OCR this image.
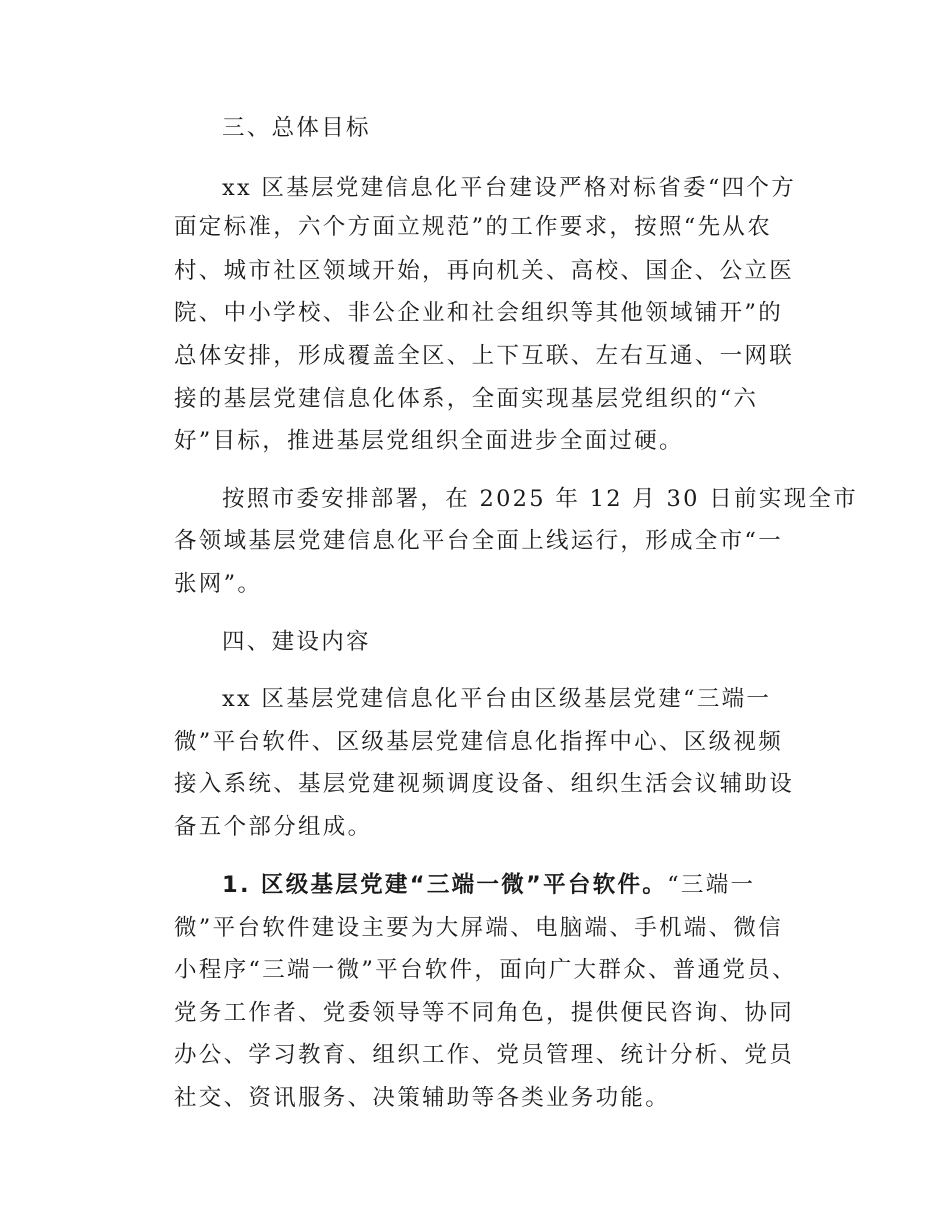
三、总体目标

xx 区基层党建信息化平台建设严格对标省委“四个方

面定标准，六个方面立规范”的工作要求，按照“先从农

村、城市社区领域开始，再向机关、高校、国企、公立医

院、中小学校、非公企业和社会组织等其他领域铺开”的

总体安排，形成覆盖全区、上下互联、左右互通、一网联

接的基层党建信息化体系，全面实现基层党组织的“六

好”目标，推进基层党组织全面进步全面过硬。

按照市委安排部署，在 2025 年 12 月 30 日前实现全市

各领域基层党建信息化平台全面上线运行，形成全市“一

张网”。

四、建设内容

xx 区基层党建信息化平台由区级基层党建“三端一

微”平台软件、区级基层党建信息化指挥中心、区级视频

接入系统、基层党建视频调度设备、组织生活会议辅助设

备五个部分组成。

1. 区级基层党建“三端一微”平台软件。“三端一

微”平台软件建设主要为大屏端、电脑端、手机端、微信

小程序“三端一微”平台软件，面向广大群众、普通党员、

党务工作者、党委领导等不同角色，提供便民咨询、协同

办公、学习教育、组织工作、党员管理、统计分析、党员

社交、资讯服务、决策辅助等各类业务功能。
